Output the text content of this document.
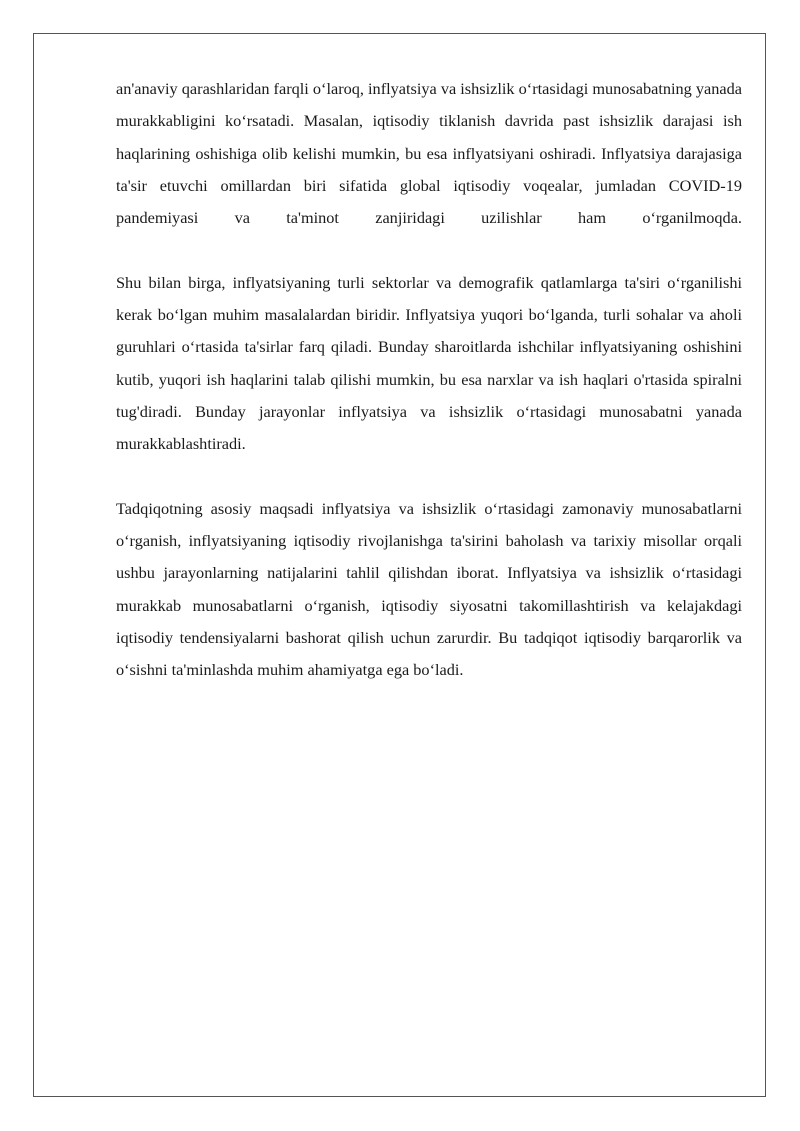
an'anaviy qarashlaridan farqli o‘laroq, inflyatsiya va ishsizlik o‘rtasidagi munosabatning yanada murakkabligini ko‘rsatadi. Masalan, iqtisodiy tiklanish davrida past ishsizlik darajasi ish haqlarining oshishiga olib kelishi mumkin, bu esa inflyatsiyani oshiradi. Inflyatsiya darajasiga ta'sir etuvchi omillardan biri sifatida global iqtisodiy voqealar, jumladan COVID-19 pandemiyasi va ta'minot zanjiridagi uzilishlar ham o‘rganilmoqda.

Shu bilan birga, inflyatsiyaning turli sektorlar va demografik qatlamlarga ta'siri o‘rganilishi kerak bo‘lgan muhim masalalardan biridir. Inflyatsiya yuqori bo‘lganda, turli sohalar va aholi guruhlari o‘rtasida ta'sirlar farq qiladi. Bunday sharoitlarda ishchilar inflyatsiyaning oshishini kutib, yuqori ish haqlarini talab qilishi mumkin, bu esa narxlar va ish haqlari o'rtasida spiralni tug'diradi. Bunday jarayonlar inflyatsiya va ishsizlik o‘rtasidagi munosabatni yanada murakkablashtiradi.

Tadqiqotning asosiy maqsadi inflyatsiya va ishsizlik o‘rtasidagi zamonaviy munosabatlarni o‘rganish, inflyatsiyaning iqtisodiy rivojlanishga ta'sirini baholash va tarixiy misollar orqali ushbu jarayonlarning natijalarini tahlil qilishdan iborat. Inflyatsiya va ishsizlik o‘rtasidagi murakkab munosabatlarni o‘rganish, iqtisodiy siyosatni takomillashtirish va kelajakdagi iqtisodiy tendensiyalarni bashorat qilish uchun zarurdir. Bu tadqiqot iqtisodiy barqarorlik va o‘sishni ta'minlashda muhim ahamiyatga ega bo‘ladi.
